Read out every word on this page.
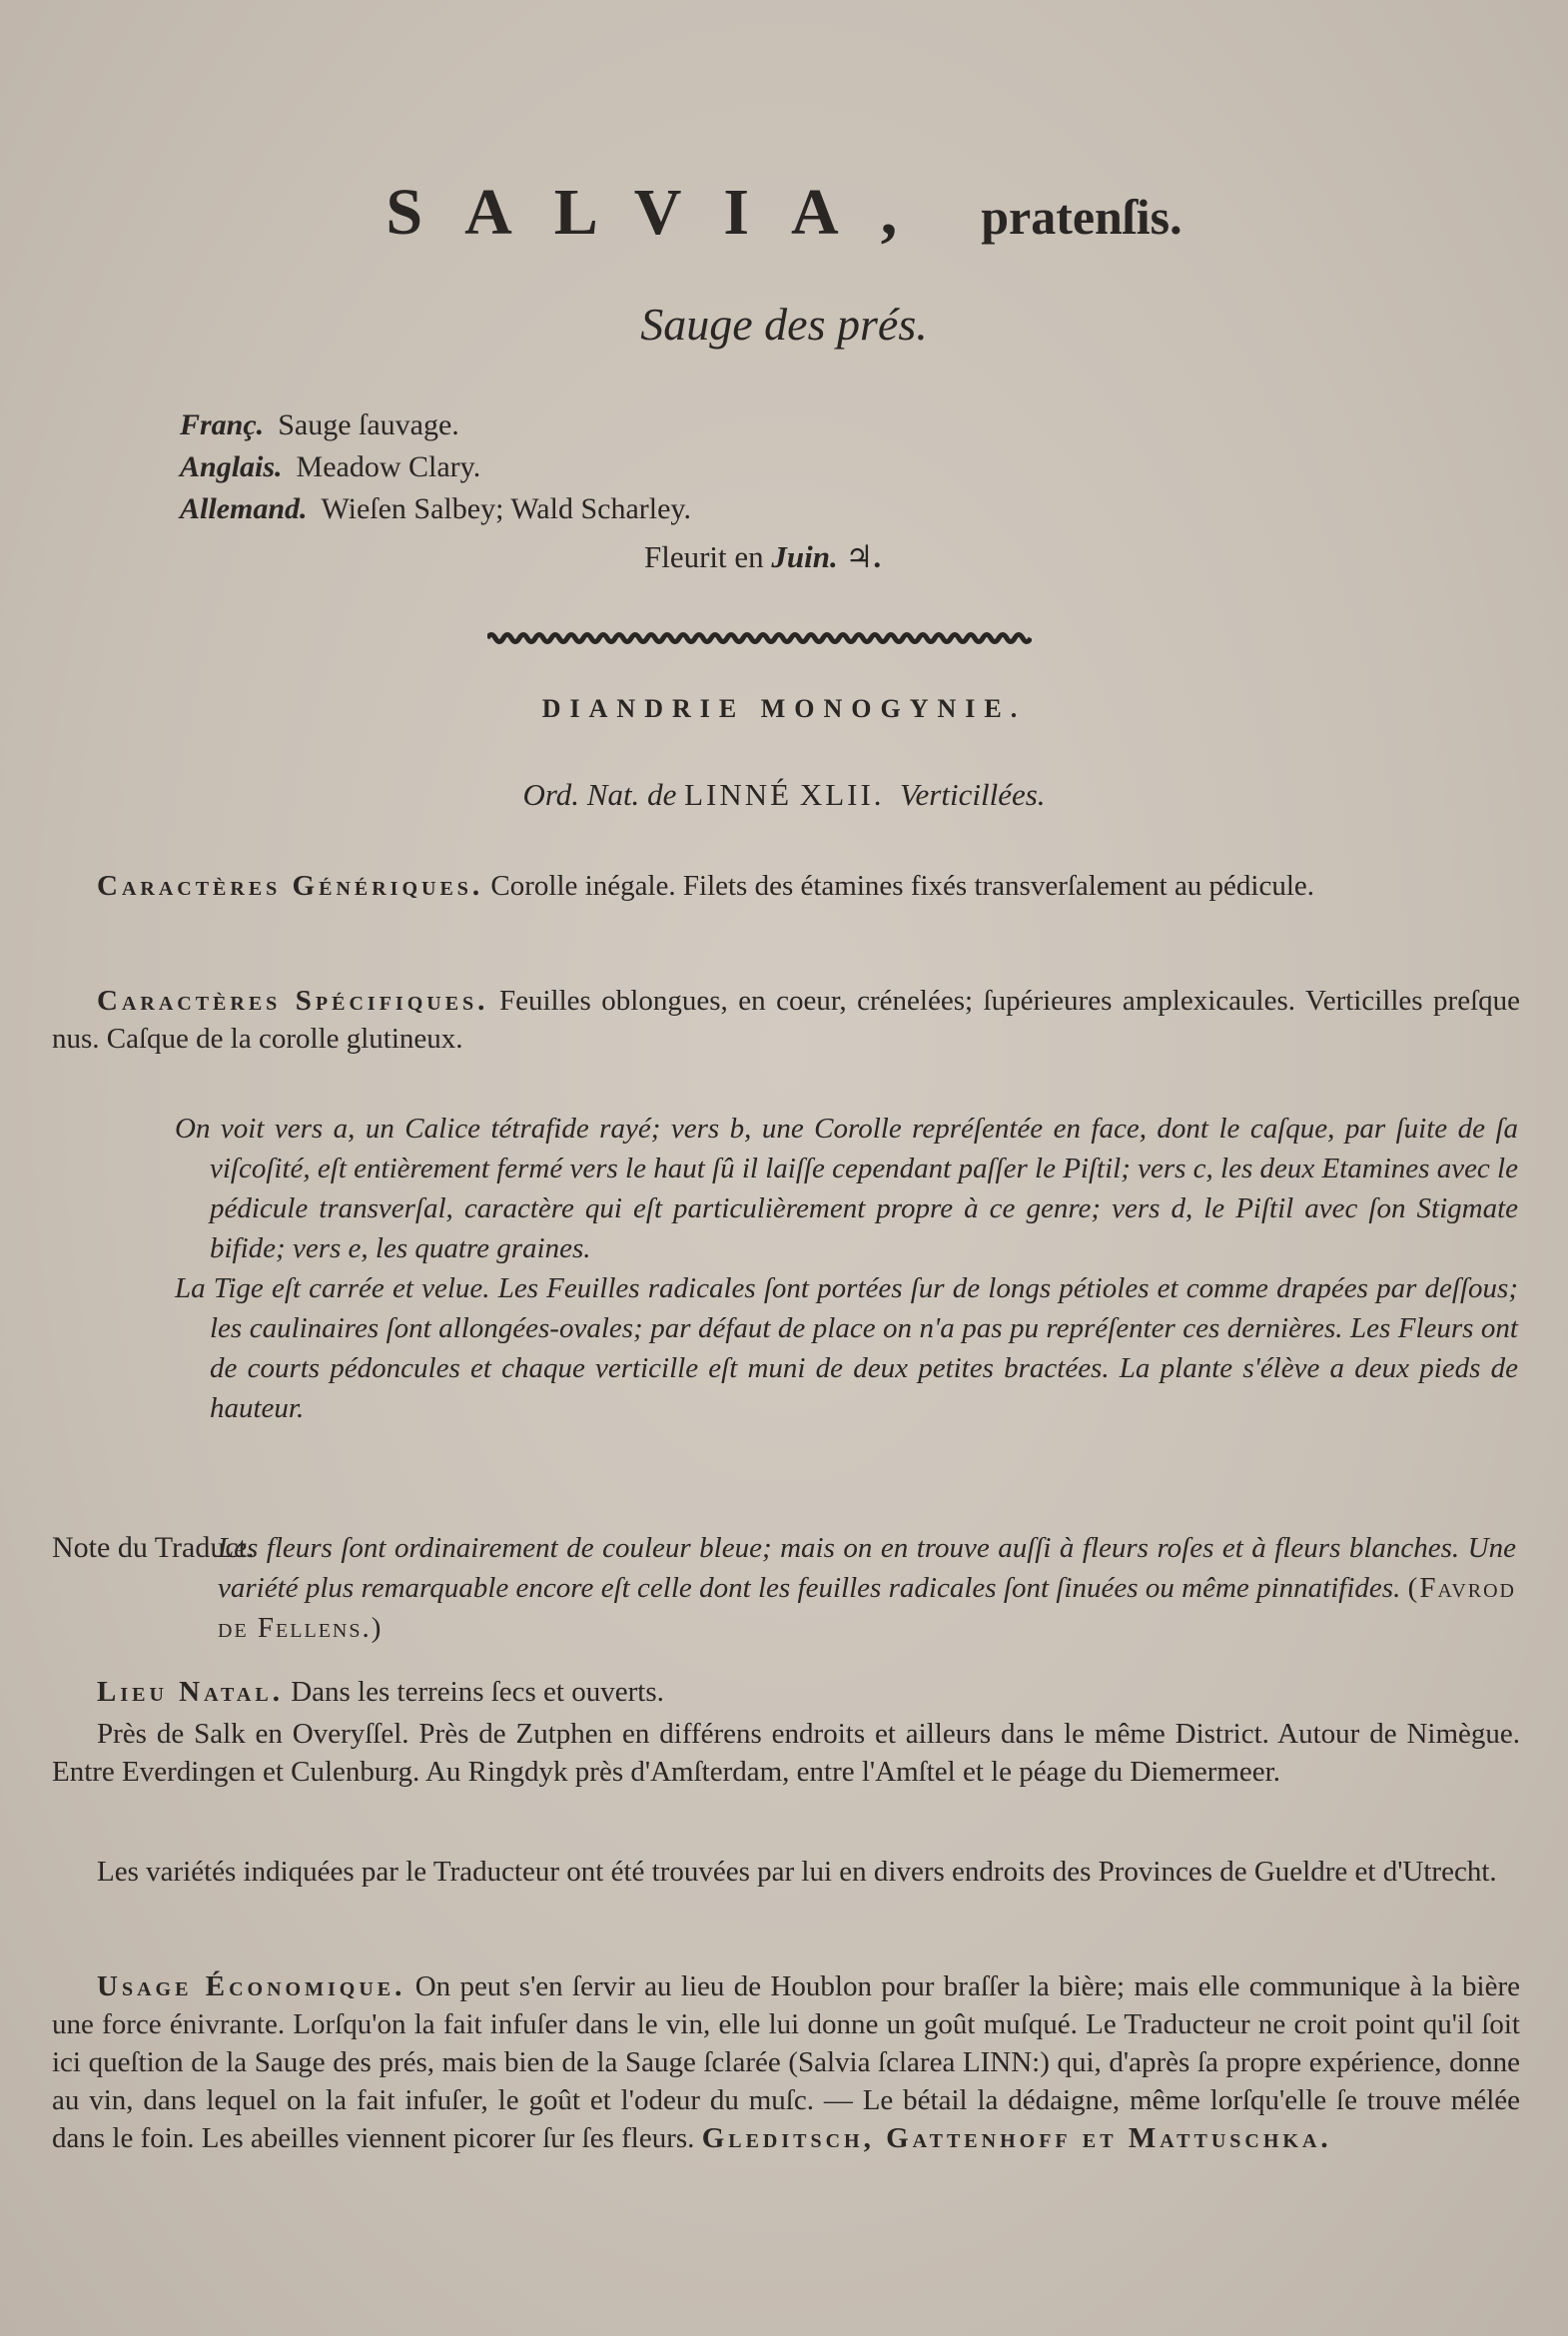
SALVIA, pratenſis.
Sauge des prés.
Franç. Sauge ſauvage.
Anglais. Meadow Clary.
Allemand. Wieſen Salbey; Wald Scharley.
Fleurit en Juin. ♃.
DIANDRIE MONOGYNIE.
Ord. Nat. de LINNÉ XLII. Verticillées.
Caractères Génériques. Corolle inégale. Filets des étamines fixés transverſalement au pédicule.
Caractères Spécifiques. Feuilles oblongues, en coeur, crénelées; ſupérieures amplexicaules. Verticilles preſque nus. Caſque de la corolle glutineux.
On voit vers a, un Calice tétrafide rayé; vers b, une Corolle repréſentée en face, dont le caſque, par ſuite de ſa viſcoſité, eſt entièrement fermé vers le haut ſû il laiſſe cependant paſſer le Piſtil; vers c, les deux Etamines avec le pédicule transverſal, caractère qui eſt particulièrement propre à ce genre; vers d, le Piſtil avec ſon Stigmate bifide; vers e, les quatre graines.
La Tige eſt carrée et velue. Les Feuilles radicales ſont portées ſur de longs pétioles et comme drapées par deſſous; les caulinaires ſont allongées-ovales; par défaut de place on n'a pas pu repréſenter ces dernières. Les Fleurs ont de courts pédoncules et chaque verticille eſt muni de deux petites bractées. La plante s'élève a deux pieds de hauteur.
Note du Traduct.
Les fleurs ſont ordinairement de couleur bleue; mais on en trouve auſſi à fleurs roſes et à fleurs blanches. Une variété plus remarquable encore eſt celle dont les feuilles radicales ſont ſinuées ou même pinnatifides. (Favrod de Fellens.)
Lieu Natal. Dans les terreins ſecs et ouverts.
Près de Salk en Overyſſel. Près de Zutphen en différens endroits et ailleurs dans le même District. Autour de Nimègue. Entre Everdingen et Culenburg. Au Ringdyk près d'Amſterdam, entre l'Amſtel et le péage du Diemermeer.
Les variétés indiquées par le Traducteur ont été trouvées par lui en divers endroits des Provinces de Gueldre et d'Utrecht.
Usage Économique. On peut s'en ſervir au lieu de Houblon pour braſſer la bière; mais elle communique à la bière une force énivrante. Lorſqu'on la fait infuſer dans le vin, elle lui donne un goût muſqué. Le Traducteur ne croit point qu'il ſoit ici queſtion de la Sauge des prés, mais bien de la Sauge ſclarée (Salvia ſclarea LINN:) qui, d'après ſa propre expérience, donne au vin, dans lequel on la fait infuſer, le goût et l'odeur du muſc. — Le bétail la dédaigne, même lorſqu'elle ſe trouve mélée dans le foin. Les abeilles viennent picorer ſur ſes fleurs. Gleditsch, Gattenhoff et Mattuschka.
